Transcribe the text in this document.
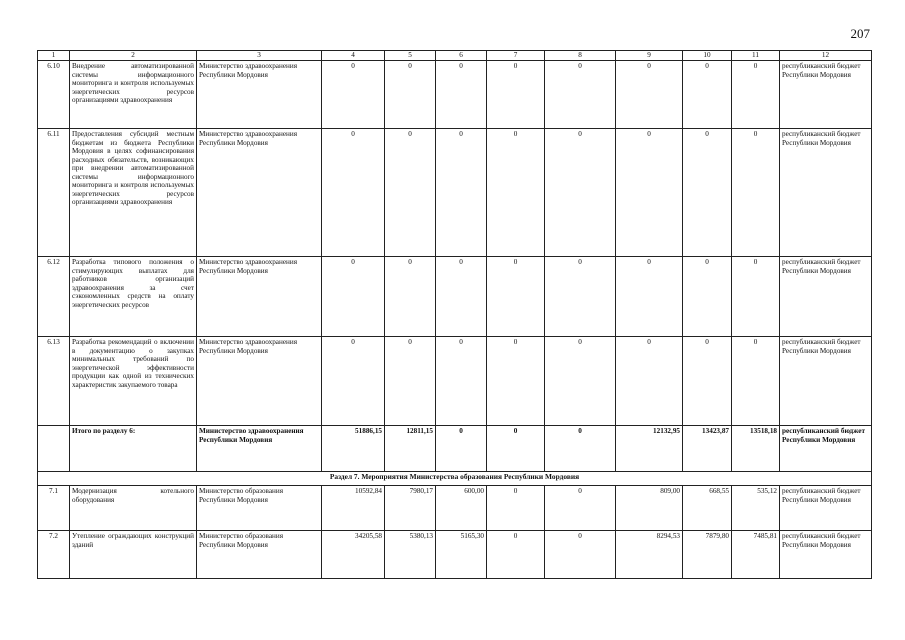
207
1	2	3	4	5	6	7	8	9	10	11	12
6.10	Внедрение автоматизированной системы информационного мониторинга и контроля используемых энергетических ресурсов организациями здравоохранения	Министерство здравоохранения Республики Мордовия	0	0	0	0	0	0	0	0	республиканский бюджет Республики Мордовия
6.11	Предоставления субсидий местным бюджетам из бюджета Республики Мордовия в целях софинансирования расходных обязательств, возникающих при внедрении автоматизированной системы информационного мониторинга и контроля используемых энергетических ресурсов организациями здравоохранения	Министерство здравоохранения Республики Мордовия	0	0	0	0	0	0	0	0	республиканский бюджет Республики Мордовия
6.12	Разработка типового положения о стимулирующих выплатах для работников организаций здравоохранения за счет сэкономленных средств на оплату энергетических ресурсов	Министерство здравоохранения Республики Мордовия	0	0	0	0	0	0	0	0	республиканский бюджет Республики Мордовия
6.13	Разработка рекомендаций о включении в документацию о закупках минимальных требований по энергетической эффективности продукции как одной из технических характеристик закупаемого товара	Министерство здравоохранения Республики Мордовия	0	0	0	0	0	0	0	0	республиканский бюджет Республики Мордовия
	Итого по разделу 6:	Министерство здравоохранения Республики Мордовия	51886,15	12811,15	0	0	0	12132,95	13423,87	13518,18	республиканский бюджет Республики Мордовия
Раздел 7. Мероприятия Министерства образования Республики Мордовия											
7.1	Модернизация котельного оборудования	Министерство образования Республики Мордовия	10592,84	7980,17	600,00	0	0	809,00	668,55	535,12	республиканский бюджет Республики Мордовия
7.2	Утепление ограждающих конструкций зданий	Министерство образования Республики Мордовия	34205,58	5380,13	5165,30	0	0	8294,53	7879,80	7485,81	республиканский бюджет Республики Мордовия
